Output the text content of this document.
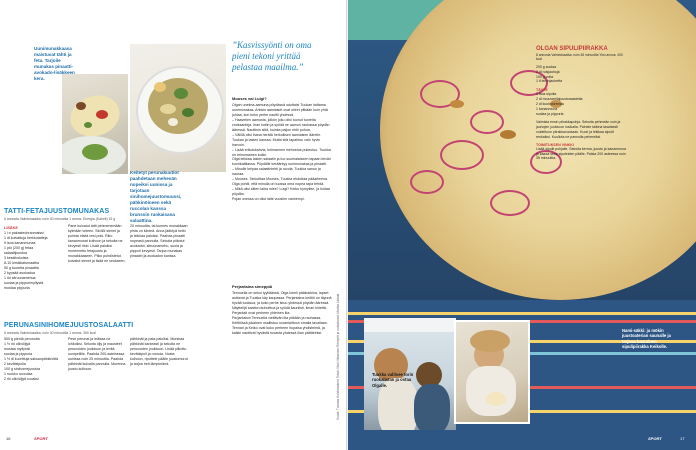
Uunimunakkaasa maistuvat tähti ja feta. Tarjoile munakas pinaatti-avokado-lisäkkeen kera.
Keitetyt perunakuutiot paahdetaan mehevän nopeiksi uunissa ja tarjotaan sinihomejuustomuussi, pähkinöineen sekä ruccolan kanssa brunssin ruokaisana salaattina.
TATTI-FETAJUUSTOMUNAKAS
6 annosta Valmistusaika: noin 40 minuuttia 1 annos: Energia (Kalorit) 19 g
LISÄKE
1 l:n pakasteohranmaissi
1 dl kuivattuja herkkutatteja
9 isoa kananmunaa
1 pkt (200 g) fetaa
salaattijuustoa
3 keskikokoista
8-10 kirsikkatomaattia
50 g tuoretta pinaattia
2 kypsää avokadoa
1 rkl sitruunamehua
suolaa ja pippurimyllystä
mustaa pippuria
Pane kuivatut tatit pehmenemään kylmään veteen. Siivilöi sienet ja purista niistä vesi pois. Riko kananmunat kulhoon ja sekoita ne kevyesti rikki. Lisää paloiksi murennettu fetajuusto ja munakkaaseen. Pilko puhdistetut, kuivatut sienet ja lisää ne seokseen.
20 minuuttia, tai kunnes munakkaan pinta on kiinteä. Anna jäähtyä hetki ja leikkaa paloiksi. Paahda pinaatti nopeasti pannulla. Sekoita pilkotut avokadot, sitruunamehu, suola ja pippuri kevyesti. Tarjoa munakas pinaatin ja avokadon kanssa.
PERUNASINIHOMEJUUSTOSALAATTI
6 annosta Valmistusaika: noin 40 minuuttia 1 annos: 350 kcal
500 g pieniä perunoita
1 ½ rkl oliiviöljyä
mustaa myllystä
suolaa ja pippuria
1 ½ dl kuorittuja saksanpähkinöitä
2 kevätsipulia
100 g sinihomejuustoa
1 ruukku ruccolaa
2 rkl oliiviöljyä ruoaksi
Pese perunat ja leikkaa ne lohkoiksi. Sekoita öljy ja mausteet perunoiden joukkoon ja levitä uunipellille. Paahda 200-asteisessa uunissa noin 25 minuuttia. Paahda pähkinät kuivalla pannulla. Murenna juusto kulhoon.
pähkinät ja pata paloiksi. Murskaa pähkinät karkeasti ja sekoita ne perunoiden joukkoon. Lisää pilkottu kevätsipuli ja ruccola. Nosta kulhoon, ripottele päälle juustomurut ja tarjoa heti lämpimänä.
16	SPORT
”Kasvissyönti on oma pieni tekoni yrittää pelastaa maailma.”
Mooses vai Luigi?
Olgan unelma-aamuna pöydässä odottaisi Tuukan laittama uunimunakas. Arkisin aamiaiset ovat olleet pitkään kuin yhtä juhlaa, kun koko perhe nauttii yhdessä.
– Haaveilen aamusta, jolloin joku olisi tuonut tuoreita croissanteja. Ihan kotiin ja syödä ne aamun rauhassa pöydän ääressä. Nauttisin siitä, kuinka paljon ehtii puhua.
– Välillä olisi ihana herätä herkullisen aamiaisen äärelle. Tuukan ja lasten kanssa. Mutta sitä tapahtuu vain hyvin harvoin.
– Lisää erikoiskahvia, kolmannen mehustus pukeutuu. Tuukka on erinomainen kokki.
Olga leikkaa lasten salaatin ja luo suomalaiseen tapaan leivän kuorikattilassa. Pöydälle kerääntyy uunimunakas ja pinaatti.
– Minulle kelpaa salaatinlehti ja rucola, Tuukka sanoo ja nauraa.
– Mooses. Tarkoittaa Mooses, Tuukka ehdottaa pääaiheena.
Olga pohtii, että minulla on tuossa oma nopea tapa tehdä.
– Mikä olisi sitten laiha mies? Luigi? Keiko hymyilee, ja hoitaa pöydän.
Pojan ovessa on ollut laite vuosien vanhempi.
Perjantaina simeppiä
Tennuella on sekoi tyyliäänsä. Olga toimii pääkokkina, lapset auttavat ja Tuukka käy kaupassa. Perjantaina keittiö on täynnä hyvää tuoksua, ja koko perhe istuu yhdessä pöydän ääressä.
Näyttelijä saattoi rauhoittua ja syödä kauniisti, ilman kiirettä. Perjantait ovat perheen yhteinen ilta.
Perjantaisin Tennuelia viettävän ilta pitkään ja rauhassa. Keittiössä jokainen osallistuu ruoanlaittoon omalla tavallaan.
Tennari ja Keiko ovat koko perheen hupaisa yhdistelmä, ja kaikki nauttivat hyvästä ruoasta yhdessä illan päätteeksi.	Kuvat: Tuomas Kolehmainen Teksti: Mari Hänninen Reseptit ja ruokakuvat: Marika Laitala
OLGAN SIPULIPIIRAKKA
8 annosta Valmistusaika: noin 45 minuuttia Yksi annos: 400 kcal
200 g suolaa
2 dl ruisjauhoja
100 g voita
1 tl leivinjauhetta
TÄYTE
3 isoa sipulia
2 dl mozzarellajuustoraastetta
2 dl kuohukermaa
1 kananmuna
suolaa ja pippuria
Valmista ensin piirakkapohja. Sekoita pehmeän voin ja jauhojen joukkoon lusikalla. Painele taikina tasaisesti voideltuun piirakkavuokaan. Kuori ja leikkaa sipulit renkaiksi. Kuullota ne pannulla pehmeiksi.
TOIMITUKSEN VINKKI
Lisää sipulit pohjalle. Sekoita kerma, juusto ja kananmuna ja kaada seos sipuleiden päälle. Paista 200 asteessa noin 35 minuuttia.
Tuukka valitsee torin ruokalistan ja ostaa Olgalle.
Nami-säkki: ja mökin juustoaterian saunalle ja tarjoaa kaurainen sipulipiirakka Keikolle.
SPORT	17
